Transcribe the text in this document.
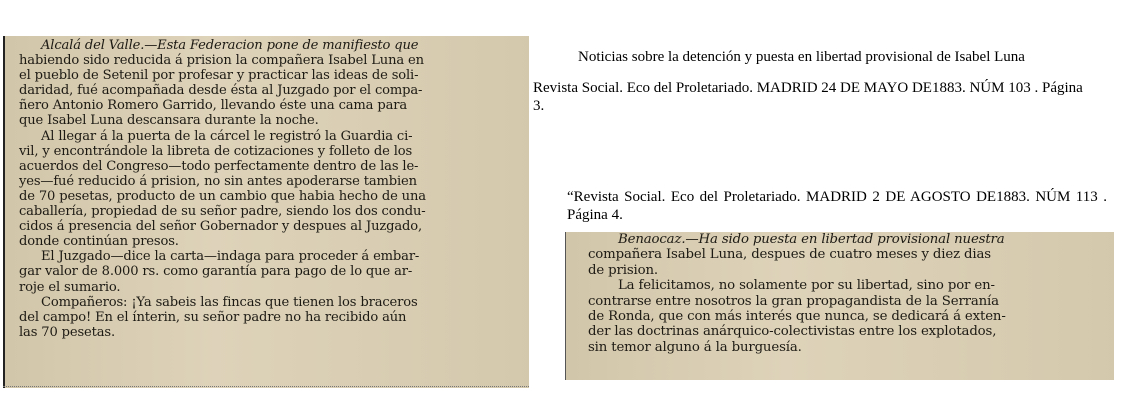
Alcalá del Valle.—Esta Federacion pone de manifiesto que
habiendo sido reducida á prision la compañera Isabel Luna en
el pueblo de Setenil por profesar y practicar las ideas de soli-
daridad, fué acompañada desde ésta al Juzgado por el compa-
ñero Antonio Romero Garrido, llevando éste una cama para
que Isabel Luna descansara durante la noche.
Al llegar á la puerta de la cárcel le registró la Guardia ci-
vil, y encontrándole la libreta de cotizaciones y folleto de los
acuerdos del Congreso—todo perfectamente dentro de las le-
yes—fué reducido á prision, no sin antes apoderarse tambien
de 70 pesetas, producto de un cambio que habia hecho de una
caballería, propiedad de su señor padre, siendo los dos condu-
cidos á presencia del señor Gobernador y despues al Juzgado,
donde continúan presos.
El Juzgado—dice la carta—indaga para proceder á embar-
gar valor de 8.000 rs. como garantía para pago de lo que ar-
roje el sumario.
Compañeros: ¡Ya sabeis las fincas que tienen los braceros
del campo! En el ínterin, su señor padre no ha recibido aún
las 70 pesetas.

Noticias sobre la detención y puesta en libertad provisional de Isabel Luna

Revista Social. Eco del Proletariado. MADRID 24 DE MAYO DE1883. NÚM 103 . Página 3.

“Revista Social. Eco del Proletariado. MADRID 2 DE AGOSTO DE1883. NÚM 113 . Página 4.

Benaocaz.—Ha sido puesta en libertad provisional nuestra
compañera Isabel Luna, despues de cuatro meses y diez dias
de prision.
La felicitamos, no solamente por su libertad, sino por en-
contrarse entre nosotros la gran propagandista de la Serranía
de Ronda, que con más interés que nunca, se dedicará á exten-
der las doctrinas anárquico-colectivistas entre los explotados,
sin temor alguno á la burguesía.
